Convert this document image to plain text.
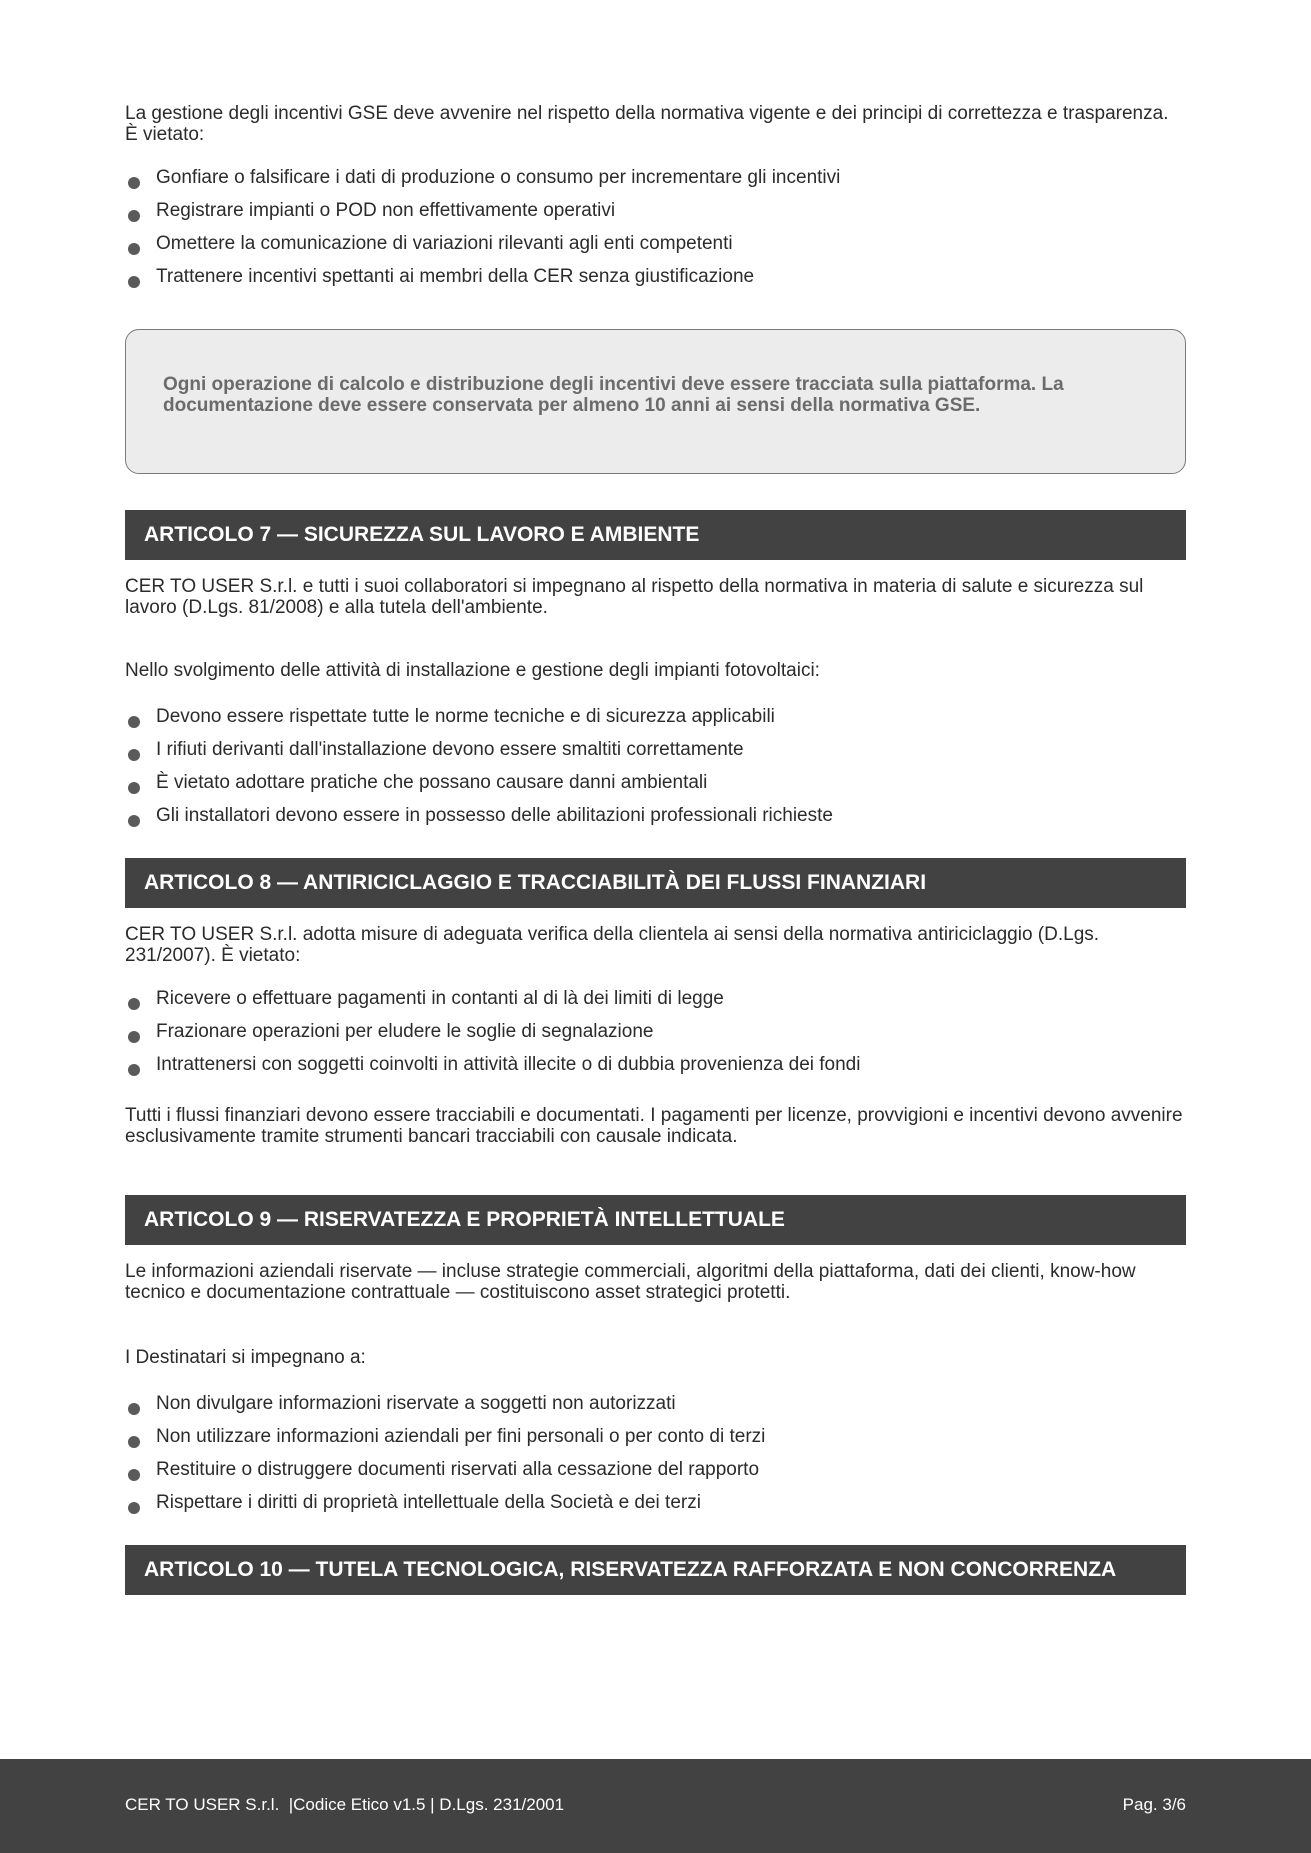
La gestione degli incentivi GSE deve avvenire nel rispetto della normativa vigente e dei principi di correttezza e trasparenza. È vietato:

Gonfiare o falsificare i dati di produzione o consumo per incrementare gli incentivi
Registrare impianti o POD non effettivamente operativi
Omettere la comunicazione di variazioni rilevanti agli enti competenti
Trattenere incentivi spettanti ai membri della CER senza giustificazione
Ogni operazione di calcolo e distribuzione degli incentivi deve essere tracciata sulla piattaforma. La documentazione deve essere conservata per almeno 10 anni ai sensi della normativa GSE.
ARTICOLO 7 — SICUREZZA SUL LAVORO E AMBIENTE

CER TO USER S.r.l. e tutti i suoi collaboratori si impegnano al rispetto della normativa in materia di salute e sicurezza sul lavoro (D.Lgs. 81/2008) e alla tutela dell'ambiente.

Nello svolgimento delle attività di installazione e gestione degli impianti fotovoltaici:

Devono essere rispettate tutte le norme tecniche e di sicurezza applicabili
I rifiuti derivanti dall'installazione devono essere smaltiti correttamente
È vietato adottare pratiche che possano causare danni ambientali
Gli installatori devono essere in possesso delle abilitazioni professionali richieste
ARTICOLO 8 — ANTIRICICLAGGIO E TRACCIABILITÀ DEI FLUSSI FINANZIARI

CER TO USER S.r.l. adotta misure di adeguata verifica della clientela ai sensi della normativa antiriciclaggio (D.Lgs. 231/2007). È vietato:

Ricevere o effettuare pagamenti in contanti al di là dei limiti di legge
Frazionare operazioni per eludere le soglie di segnalazione
Intrattenersi con soggetti coinvolti in attività illecite o di dubbia provenienza dei fondi

Tutti i flussi finanziari devono essere tracciabili e documentati. I pagamenti per licenze, provvigioni e incentivi devono avvenire esclusivamente tramite strumenti bancari tracciabili con causale indicata.

ARTICOLO 9 — RISERVATEZZA E PROPRIETÀ INTELLETTUALE

Le informazioni aziendali riservate — incluse strategie commerciali, algoritmi della piattaforma, dati dei clienti, know-how tecnico e documentazione contrattuale — costituiscono asset strategici protetti.

I Destinatari si impegnano a:

Non divulgare informazioni riservate a soggetti non autorizzati
Non utilizzare informazioni aziendali per fini personali o per conto di terzi
Restituire o distruggere documenti riservati alla cessazione del rapporto
Rispettare i diritti di proprietà intellettuale della Società e dei terzi
ARTICOLO 10 — TUTELA TECNOLOGICA, RISERVATEZZA RAFFORZATA E NON CONCORRENZA
CER TO USER S.r.l.  |Codice Etico v1.5 | D.Lgs. 231/2001	Pag. 3/6
